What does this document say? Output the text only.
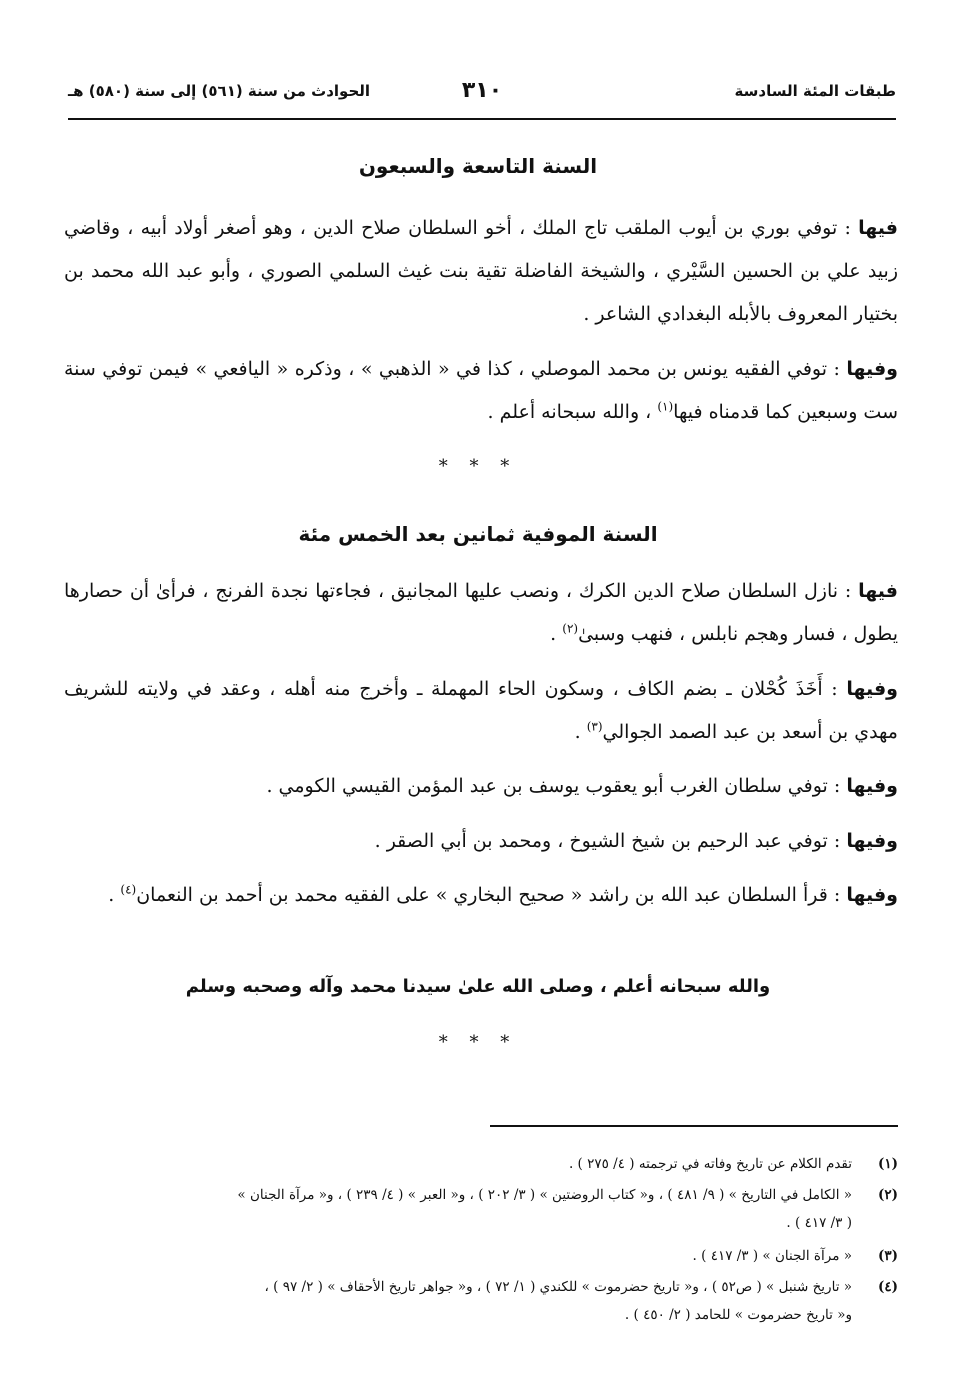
طبقات المئة السادسة
٣١٠
الحوادث من سنة (٥٦١) إلى سنة (٥٨٠) هـ
السنة التاسعة والسبعون
فيها : توفي بوري بن أيوب الملقب تاج الملك ، أخو السلطان صلاح الدين ، وهو أصغر أولاد أبيه ، وقاضي زبيد علي بن الحسين السَّيْري ، والشيخة الفاضلة تقية بنت غيث السلمي الصوري ، وأبو عبد الله محمد بن بختيار المعروف بالأبله البغدادي الشاعر .
وفيها : توفي الفقيه يونس بن محمد الموصلي ، كذا في « الذهبي » ، وذكره « اليافعي » فيمن توفي سنة ست وسبعين كما قدمناه فيها$^{(١)}$ ، والله سبحانه أعلم .
* * *
السنة الموفية ثمانين بعد الخمس مئة
فيها : نازل السلطان صلاح الدين الكرك ، ونصب عليها المجانيق ، فجاءتها نجدة الفرنج ، فرأىٰ أن حصارها يطول ، فسار وهجم نابلس ، فنهب وسبىٰ$^{(٢)}$ .
وفيها : أَخَذَ كُحْلان ـ بضم الكاف ، وسكون الحاء المهملة ـ وأخرج منه أهله ، وعقد في ولايته للشريف مهدي بن أسعد بن عبد الصمد الجوالي$^{(٣)}$ .
وفيها : توفي سلطان الغرب أبو يعقوب يوسف بن عبد المؤمن القيسي الكومي .
وفيها : توفي عبد الرحيم بن شيخ الشيوخ ، ومحمد بن أبي الصقر .
وفيها : قرأ السلطان عبد الله بن راشد « صحيح البخاري » على الفقيه محمد بن أحمد بن النعمان$^{(٤)}$ .
والله سبحانه أعلم ، وصلى الله علىٰ سيدنا محمد وآله وصحبه وسلم
* * *
(١)تقدم الكلام عن تاريخ وفاته في ترجمته ( ٤/ ٢٧٥ ) .
(٢)« الكامل في التاريخ » ( ٩/ ٤٨١ ) ، و« كتاب الروضتين » ( ٣/ ٢٠٢ ) ، و« العبر » ( ٤/ ٢٣٩ ) ، و« مرآة الجنان »
( ٣/ ٤١٧ ) .
(٣)« مرآة الجنان » ( ٣/ ٤١٧ ) .
(٤)« تاريخ شنبل » ( ص٥٢ ) ، و« تاريخ حضرموت » للكندي ( ١/ ٧٢ ) ، و« جواهر تاريخ الأحقاف » ( ٢/ ٩٧ ) ،
و« تاريخ حضرموت » للحامد ( ٢/ ٤٥٠ ) .
